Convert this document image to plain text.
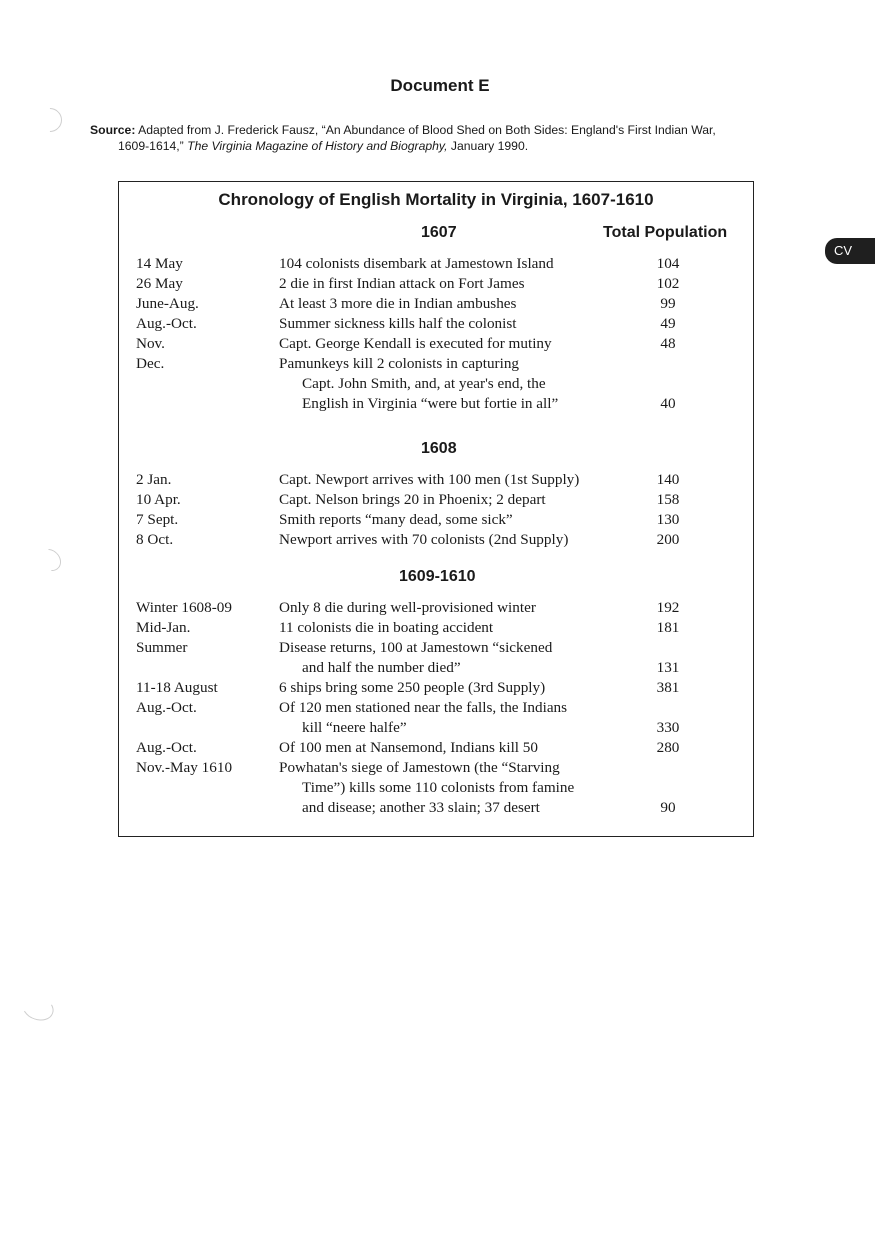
Document E
Source: Adapted from J. Frederick Fausz, “An Abundance of Blood Shed on Both Sides: England's First Indian War,
1609-1614,” The Virginia Magazine of History and Biography, January 1990.
Chronology of English Mortality in Virginia, 1607-1610
Total Population
1607
14 May	104 colonists disembark at Jamestown Island	104
26 May	2 die in first Indian attack on Fort James	102
June-Aug.	At least 3 more die in Indian ambushes	99
Aug.-Oct.	Summer sickness kills half the colonist	49
Nov.	Capt. George Kendall is executed for mutiny	48
Dec.	Pamunkeys kill 2 colonists in capturing
Capt. John Smith, and, at year's end, the
English in Virginia “were but fortie in all”	40
1608
2 Jan.	Capt. Newport arrives with 100 men (1st Supply)	140
10 Apr.	Capt. Nelson brings 20 in Phoenix; 2 depart	158
7 Sept.	Smith reports “many dead, some sick”	130
8 Oct.	Newport arrives with 70 colonists (2nd Supply)	200
1609-1610
Winter 1608-09	Only 8 die during well-provisioned winter	192
Mid-Jan.	11 colonists die in boating accident	181
Summer	Disease returns, 100 at Jamestown “sickened
and half the number died”	131
11-18 August	6 ships bring some 250 people (3rd Supply)	381
Aug.-Oct.	Of 120 men stationed near the falls, the Indians
kill “neere halfe”	330
Aug.-Oct.	Of 100 men at Nansemond, Indians kill 50	280
Nov.-May 1610	Powhatan's siege of Jamestown (the “Starving
Time”) kills some 110 colonists from famine
and disease; another 33 slain; 37 desert	90
CV
